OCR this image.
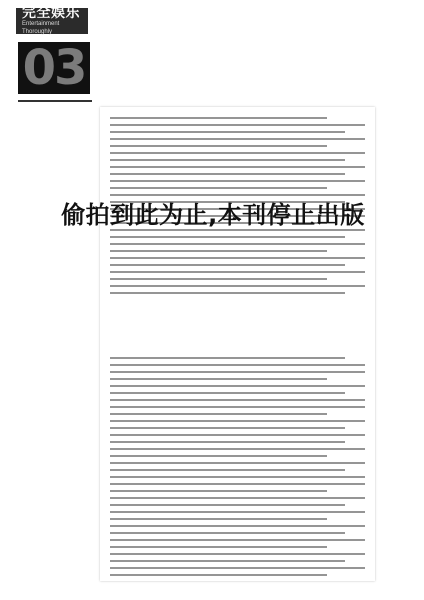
完全娱乐
Entertainment Thoroughly
03
偷拍到此为止,本刊停止出版
